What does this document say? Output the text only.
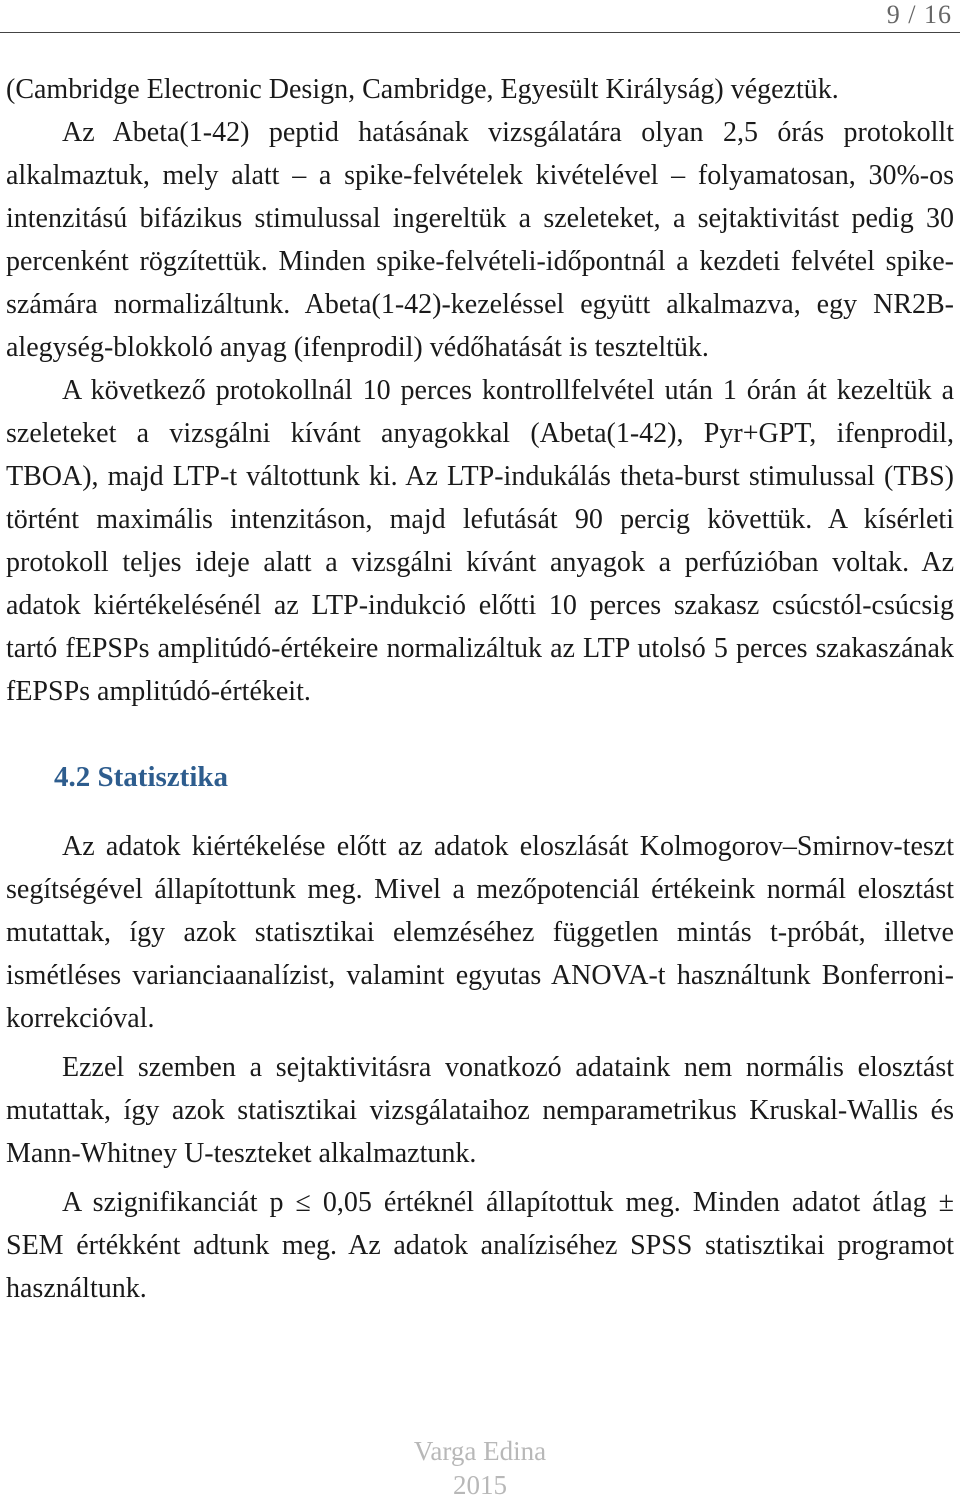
9 / 16

(Cambridge Electronic Design, Cambridge, Egyesült Királyság) végeztük.

Az Abeta(1-42) peptid hatásának vizsgálatára olyan 2,5 órás protokollt alkalmaztuk, mely alatt – a spike-felvételek kivételével – folyamatosan, 30%-os intenzitású bifázikus stimulussal ingereltük a szeleteket, a sejtaktivitást pedig 30 percenként rögzítettük. Minden spike-felvételi-időpontnál a kezdeti felvétel spike-számára normalizáltunk. Abeta(1-42)-kezeléssel együtt alkalmazva, egy NR2B-alegység-blokkoló anyag (ifenprodil) védőhatását is teszteltük.

A következő protokollnál 10 perces kontrollfelvétel után 1 órán át kezeltük a szeleteket a vizsgálni kívánt anyagokkal (Abeta(1-42), Pyr+GPT, ifenprodil, TBOA), majd LTP-t váltottunk ki. Az LTP-indukálás theta-burst stimulussal (TBS) történt maximális intenzitáson, majd lefutását 90 percig követtük. A kísérleti protokoll teljes ideje alatt a vizsgálni kívánt anyagok a perfúzióban voltak. Az adatok kiértékelésénél az LTP-indukció előtti 10 perces szakasz csúcstól-csúcsig tartó fEPSPs amplitúdó-értékeire normalizáltuk az LTP utolsó 5 perces szakaszának fEPSPs amplitúdó-értékeit.

4.2 Statisztika

Az adatok kiértékelése előtt az adatok eloszlását Kolmogorov–Smirnov-teszt segítségével állapítottunk meg. Mivel a mezőpotenciál értékeink normál elosztást mutattak, így azok statisztikai elemzéséhez független mintás t-próbát, illetve ismétléses varianciaanalízist, valamint egyutas ANOVA-t használtunk Bonferroni-korrekcióval.

Ezzel szemben a sejtaktivitásra vonatkozó adataink nem normális elosztást mutattak, így azok statisztikai vizsgálataihoz nemparametrikus Kruskal-Wallis és Mann-Whitney U-teszteket alkalmaztunk.

A szignifikanciát p ≤ 0,05 értéknél állapítottuk meg. Minden adatot átlag ± SEM értékként adtunk meg. Az adatok analíziséhez SPSS statisztikai programot használtunk.

Varga Edina
2015
